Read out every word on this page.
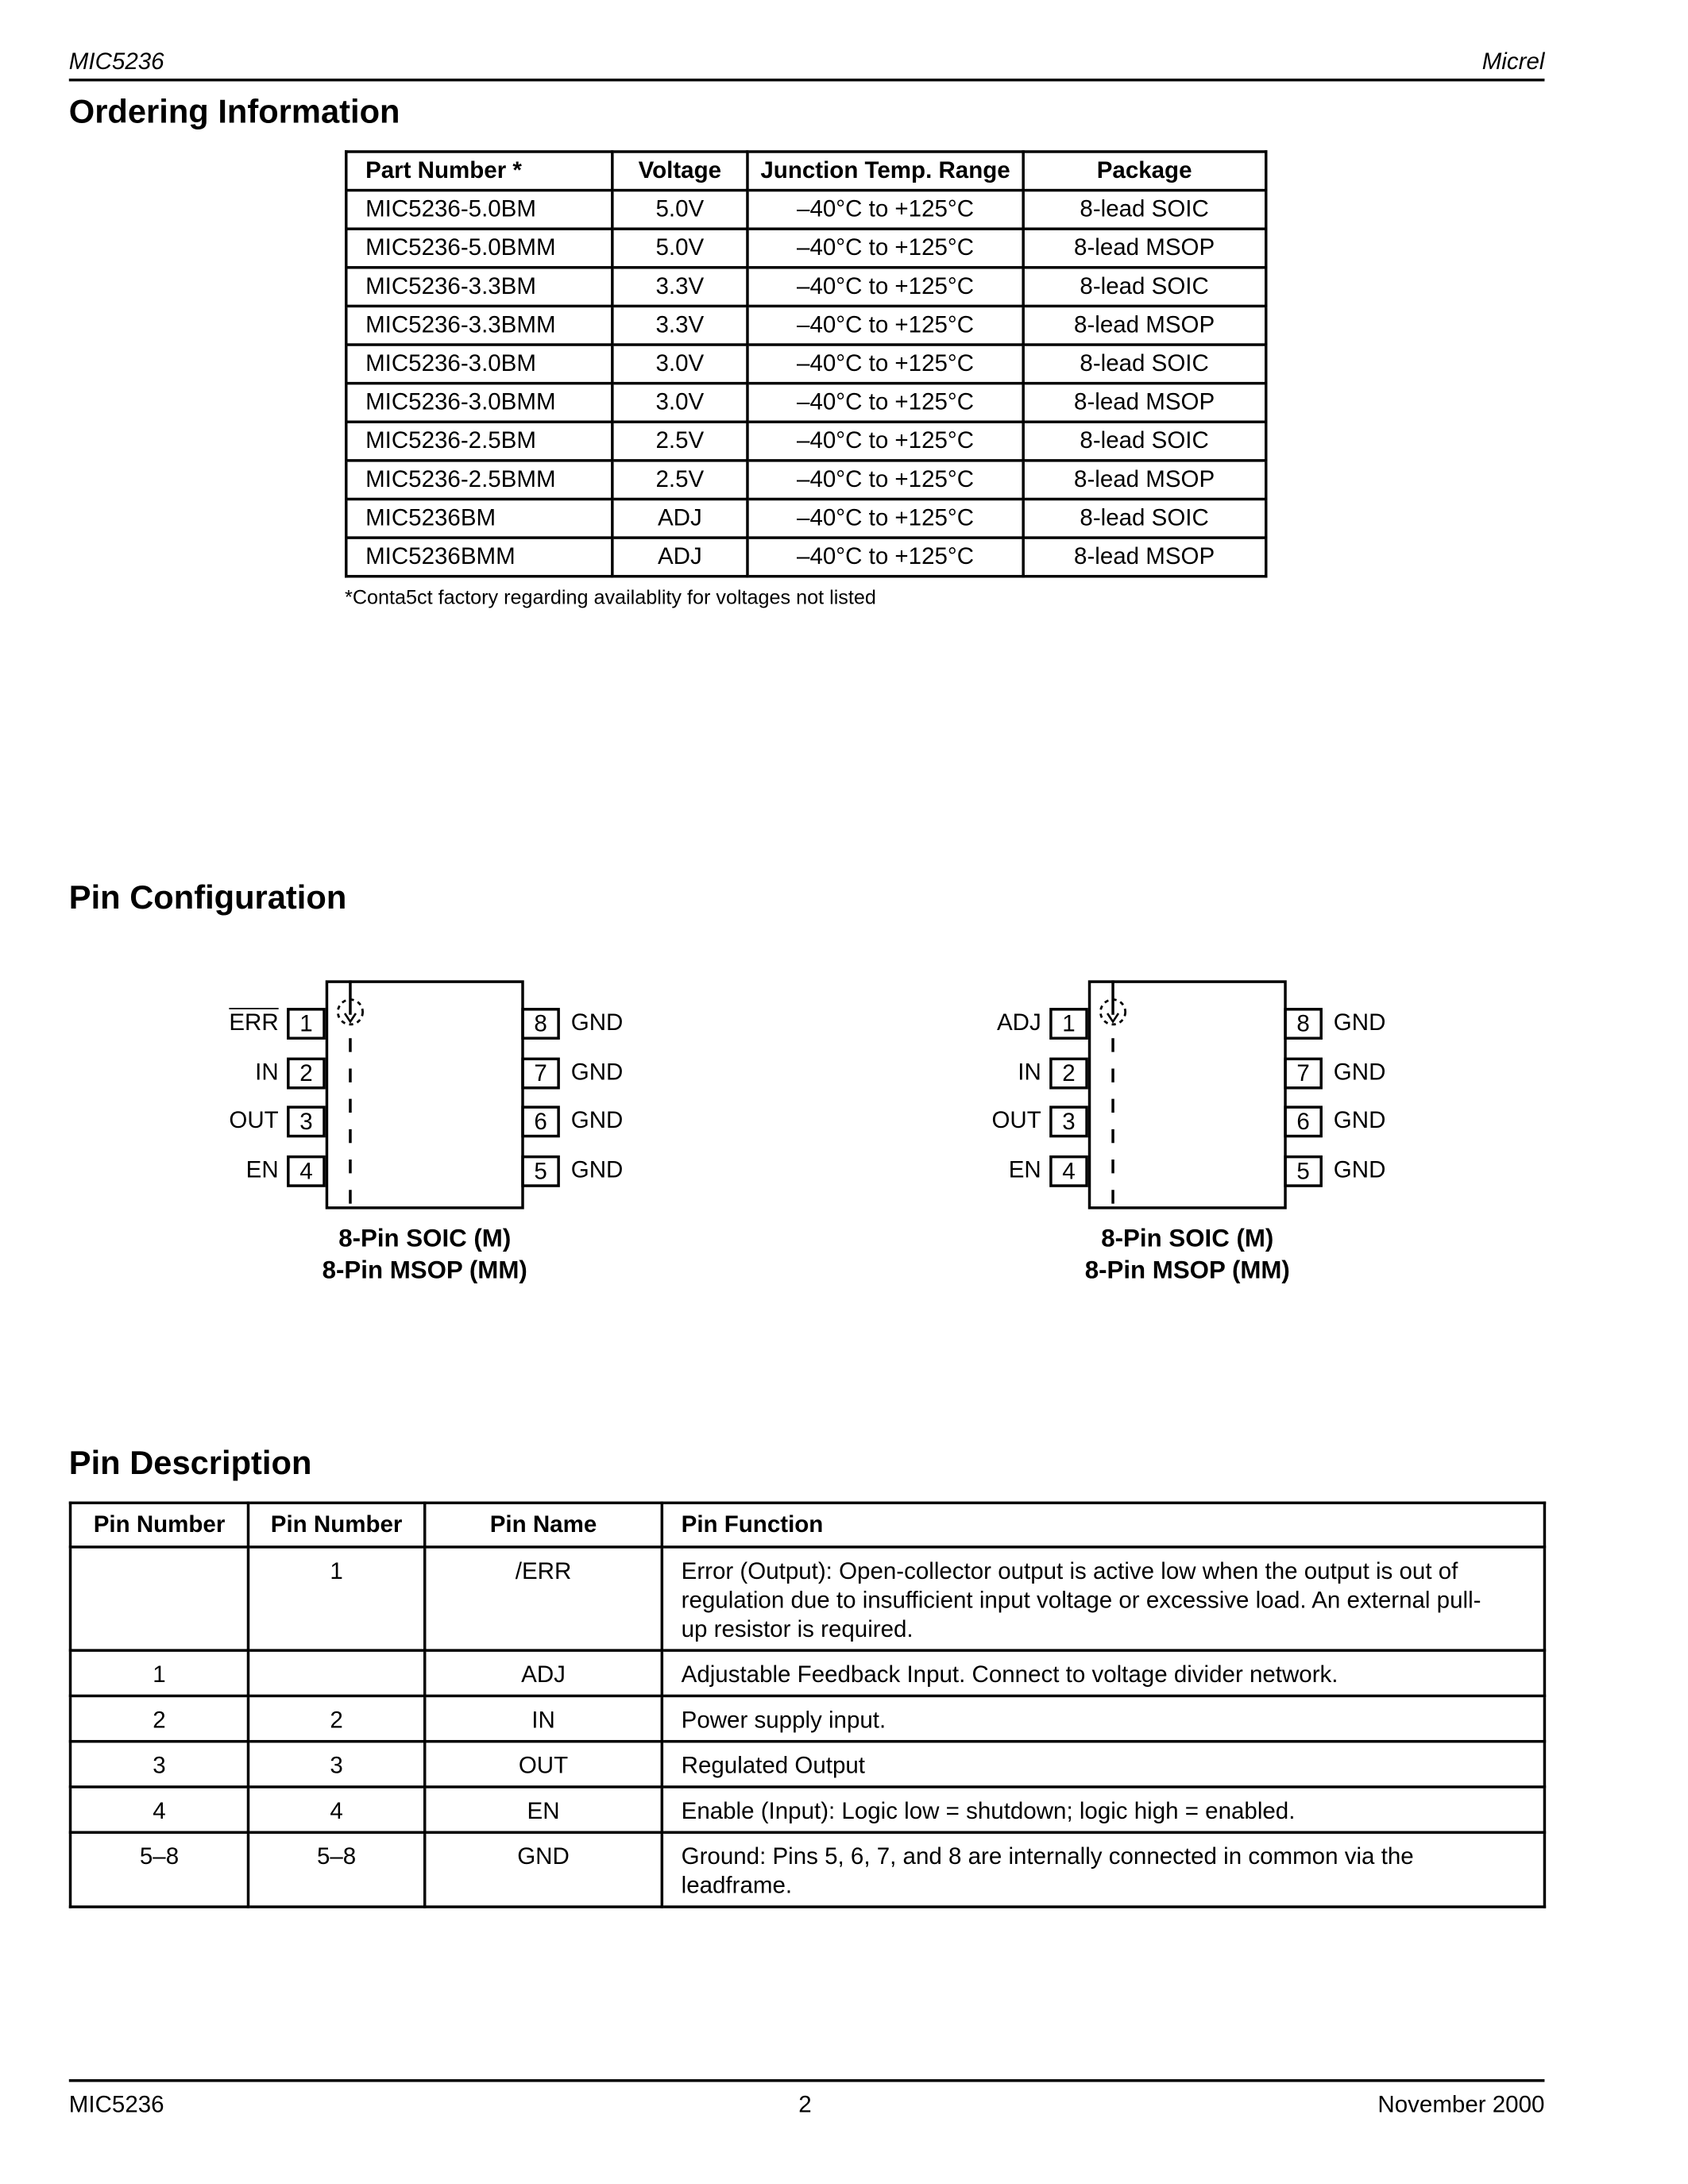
MIC5236	Micrel
Ordering Information
Part Number *	Voltage	Junction Temp. Range	Package
MIC5236-5.0BM	5.0V	–40°C to +125°C	8-lead SOIC
MIC5236-5.0BMM	5.0V	–40°C to +125°C	8-lead MSOP
MIC5236-3.3BM	3.3V	–40°C to +125°C	8-lead SOIC
MIC5236-3.3BMM	3.3V	–40°C to +125°C	8-lead MSOP
MIC5236-3.0BM	3.0V	–40°C to +125°C	8-lead SOIC
MIC5236-3.0BMM	3.0V	–40°C to +125°C	8-lead MSOP
MIC5236-2.5BM	2.5V	–40°C to +125°C	8-lead SOIC
MIC5236-2.5BMM	2.5V	–40°C to +125°C	8-lead MSOP
MIC5236BM	ADJ	–40°C to +125°C	8-lead SOIC
MIC5236BMM	ADJ	–40°C to +125°C	8-lead MSOP
*Conta5ct factory regarding availablity for voltages not listed
Pin Configuration
1	8
$\overline{ERR}$	GND
2	7
IN	GND
3	6
OUT	GND
4	5
EN	GND
8-Pin SOIC (M)
8-Pin MSOP (MM)
1	8
ADJ	GND
2	7
IN	GND
3	6
OUT	GND
4	5
EN	GND
8-Pin SOIC (M)
8-Pin MSOP (MM)
Pin Description
Pin Number	Pin Number	Pin Name	Pin Function
	1	/ERR	Error (Output): Open-collector output is active low when the output is out of regulation due to insufficient input voltage or excessive load. An external pull-up resistor is required.
1		ADJ	Adjustable Feedback Input. Connect to voltage divider network.
2	2	IN	Power supply input.
3	3	OUT	Regulated Output
4	4	EN	Enable (Input): Logic low = shutdown; logic high = enabled.
5–8	5–8	GND	Ground: Pins 5, 6, 7, and 8 are internally connected in common via the leadframe.
MIC5236	2	November 2000
